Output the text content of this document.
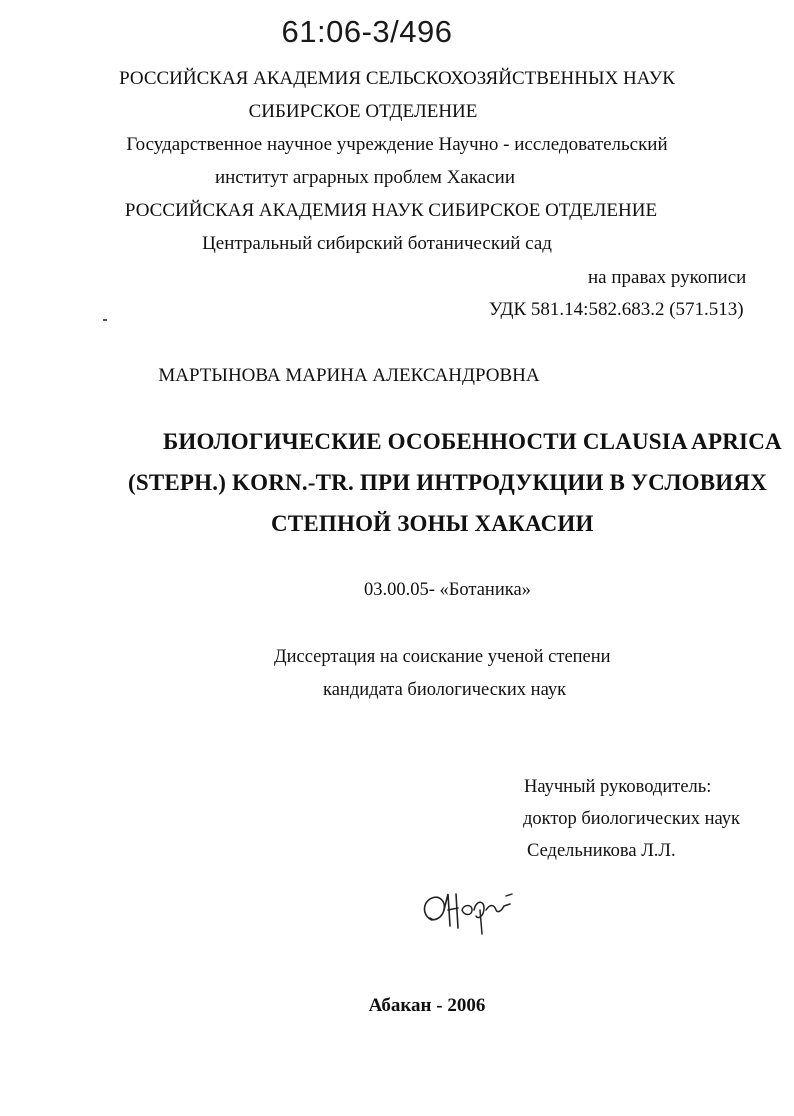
61:06-3/496
РОССИЙСКАЯ АКАДЕМИЯ СЕЛЬСКОХОЗЯЙСТВЕННЫХ НАУК
СИБИРСКОЕ ОТДЕЛЕНИЕ
Государственное научное учреждение Научно - исследовательский
институт аграрных проблем Хакасии
РОССИЙСКАЯ АКАДЕМИЯ НАУК СИБИРСКОЕ ОТДЕЛЕНИЕ
Центральный сибирский ботанический сад
на правах рукописи
УДК 581.14:582.683.2 (571.513)
МАРТЫНОВА МАРИНА АЛЕКСАНДРОВНА
БИОЛОГИЧЕСКИЕ ОСОБЕННОСТИ CLAUSIA APRICA
(STEPH.) KORN.-TR. ПРИ ИНТРОДУКЦИИ В УСЛОВИЯХ
СТЕПНОЙ ЗОНЫ ХАКАСИИ
03.00.05- «Ботаника»
Диссертация на соискание ученой степени
кандидата биологических наук
Научный руководитель:
доктор биологических наук
Седельникова Л.Л.
Абакан - 2006
